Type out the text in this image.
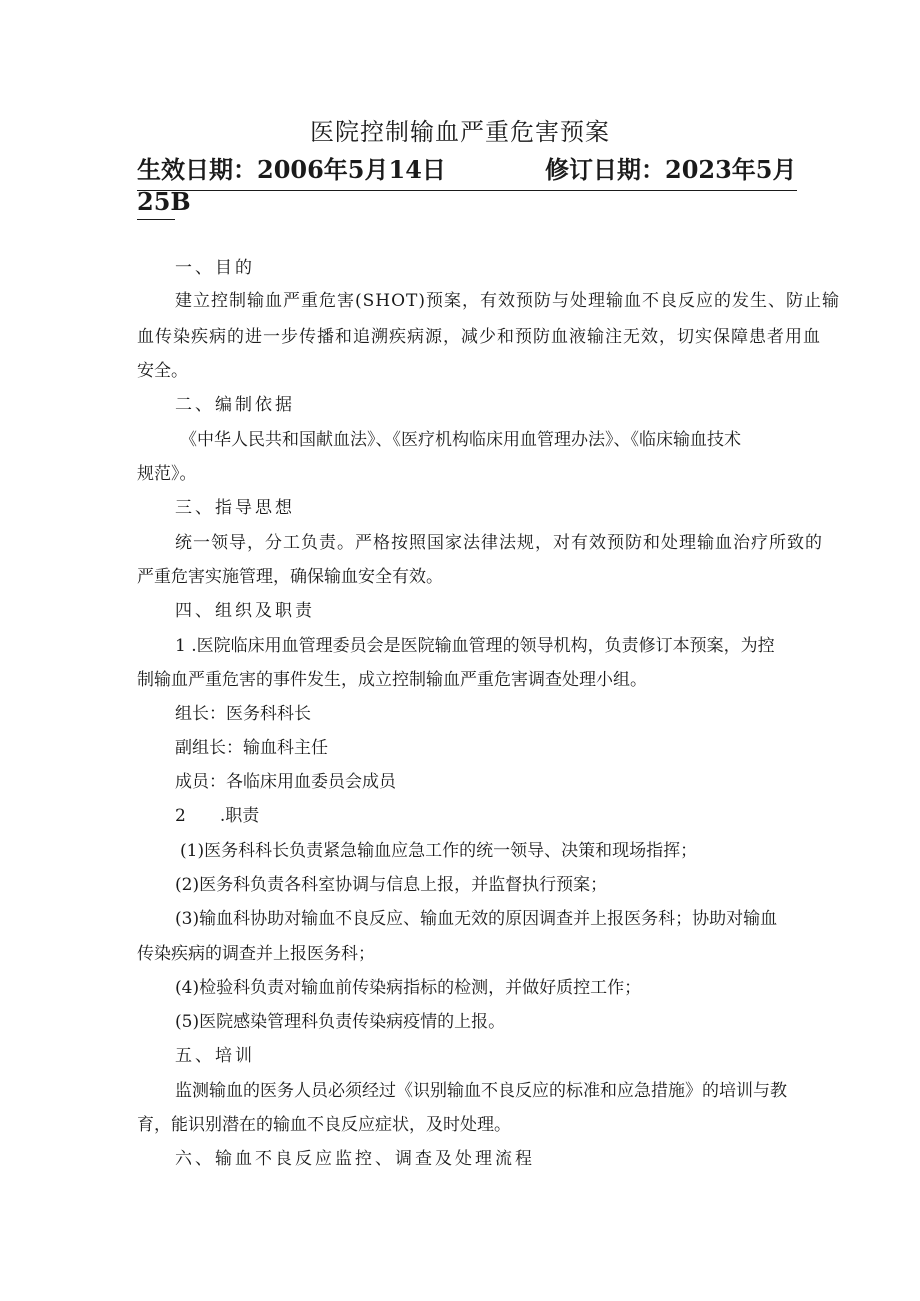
医院控制输血严重危害预案
生效日期：2006年5月14日	修订日期：2023年5月
25B
一、目的
建立控制输血严重危害(SHOT)预案，有效预防与处理输血不良反应的发生、防止输
血传染疾病的进一步传播和追溯疾病源，减少和预防血液输注无效，切实保障患者用血
安全。
二、编制依据
《中华人民共和国献血法》、《医疗机构临床用血管理办法》、《临床输血技术
规范》。
三、指导思想
统一领导，分工负责。严格按照国家法律法规，对有效预防和处理输血治疗所致的
严重危害实施管理，确保输血安全有效。
四、组织及职责
1 .医院临床用血管理委员会是医院输血管理的领导机构，负责修订本预案，为控
制输血严重危害的事件发生，成立控制输血严重危害调查处理小组。
组长：医务科科长
副组长：输血科主任
成员：各临床用血委员会成员
2　　.职责
(1)医务科科长负责紧急输血应急工作的统一领导、决策和现场指挥；
(2)医务科负责各科室协调与信息上报，并监督执行预案；
(3)输血科协助对输血不良反应、输血无效的原因调查并上报医务科；协助对输血
传染疾病的调查并上报医务科；
(4)检验科负责对输血前传染病指标的检测，并做好质控工作；
(5)医院感染管理科负责传染病疫情的上报。
五、培训
监测输血的医务人员必须经过《识别输血不良反应的标准和应急措施》的培训与教
育，能识别潜在的输血不良反应症状，及时处理。
六、输血不良反应监控、调查及处理流程
